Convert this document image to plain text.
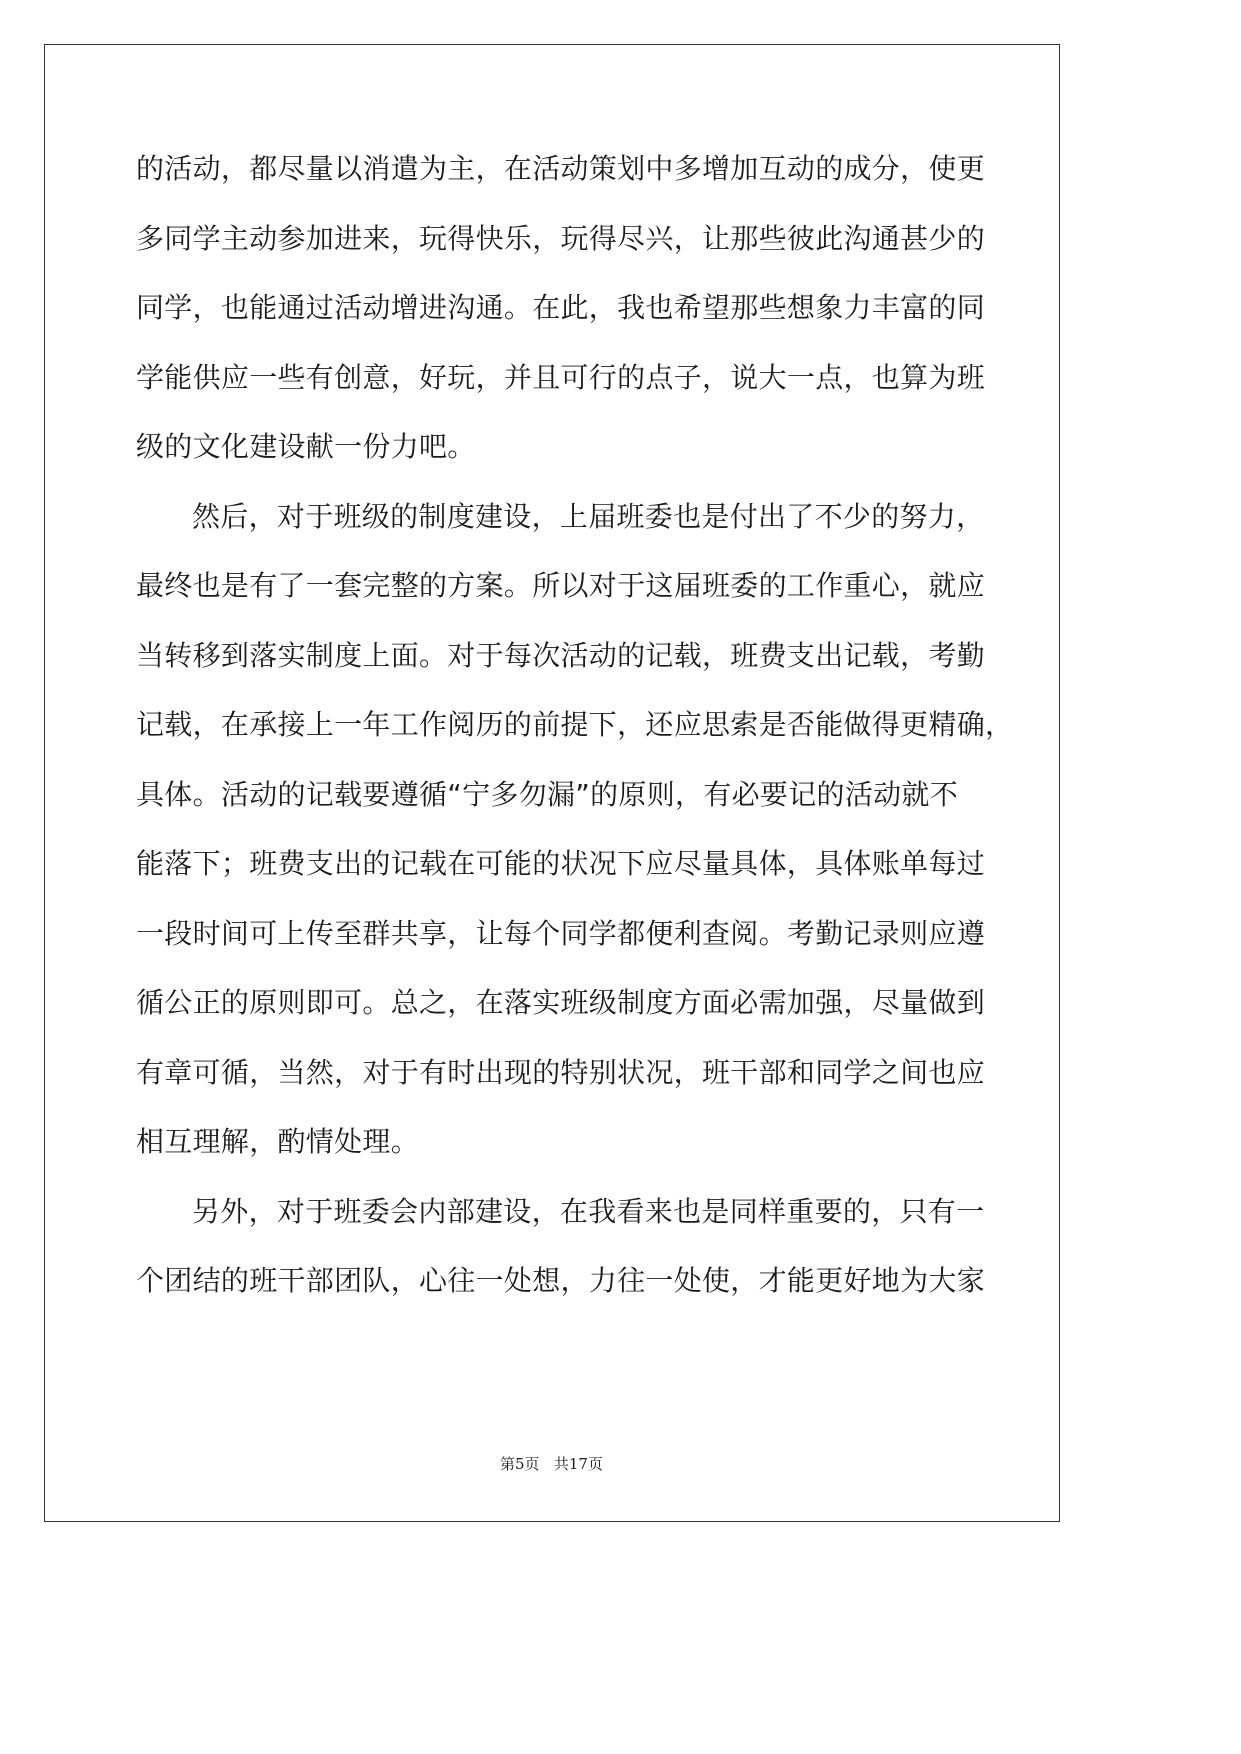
的活动，都尽量以消遣为主，在活动策划中多增加互动的成分，使更
多同学主动参加进来，玩得快乐，玩得尽兴，让那些彼此沟通甚少的
同学，也能通过活动增进沟通。在此，我也希望那些想象力丰富的同
学能供应一些有创意，好玩，并且可行的点子，说大一点，也算为班
级的文化建设献一份力吧。
然后，对于班级的制度建设，上届班委也是付出了不少的努力，
最终也是有了一套完整的方案。所以对于这届班委的工作重心，就应
当转移到落实制度上面。对于每次活动的记载，班费支出记载，考勤
记载，在承接上一年工作阅历的前提下，还应思索是否能做得更精确，
具体。活动的记载要遵循“宁多勿漏”的原则，有必要记的活动就不
能落下；班费支出的记载在可能的状况下应尽量具体，具体账单每过
一段时间可上传至群共享，让每个同学都便利查阅。考勤记录则应遵
循公正的原则即可。总之，在落实班级制度方面必需加强，尽量做到
有章可循，当然，对于有时出现的特别状况，班干部和同学之间也应
相互理解，酌情处理。
另外，对于班委会内部建设，在我看来也是同样重要的，只有一
个团结的班干部团队，心往一处想，力往一处使，才能更好地为大家
第5页 共17页
